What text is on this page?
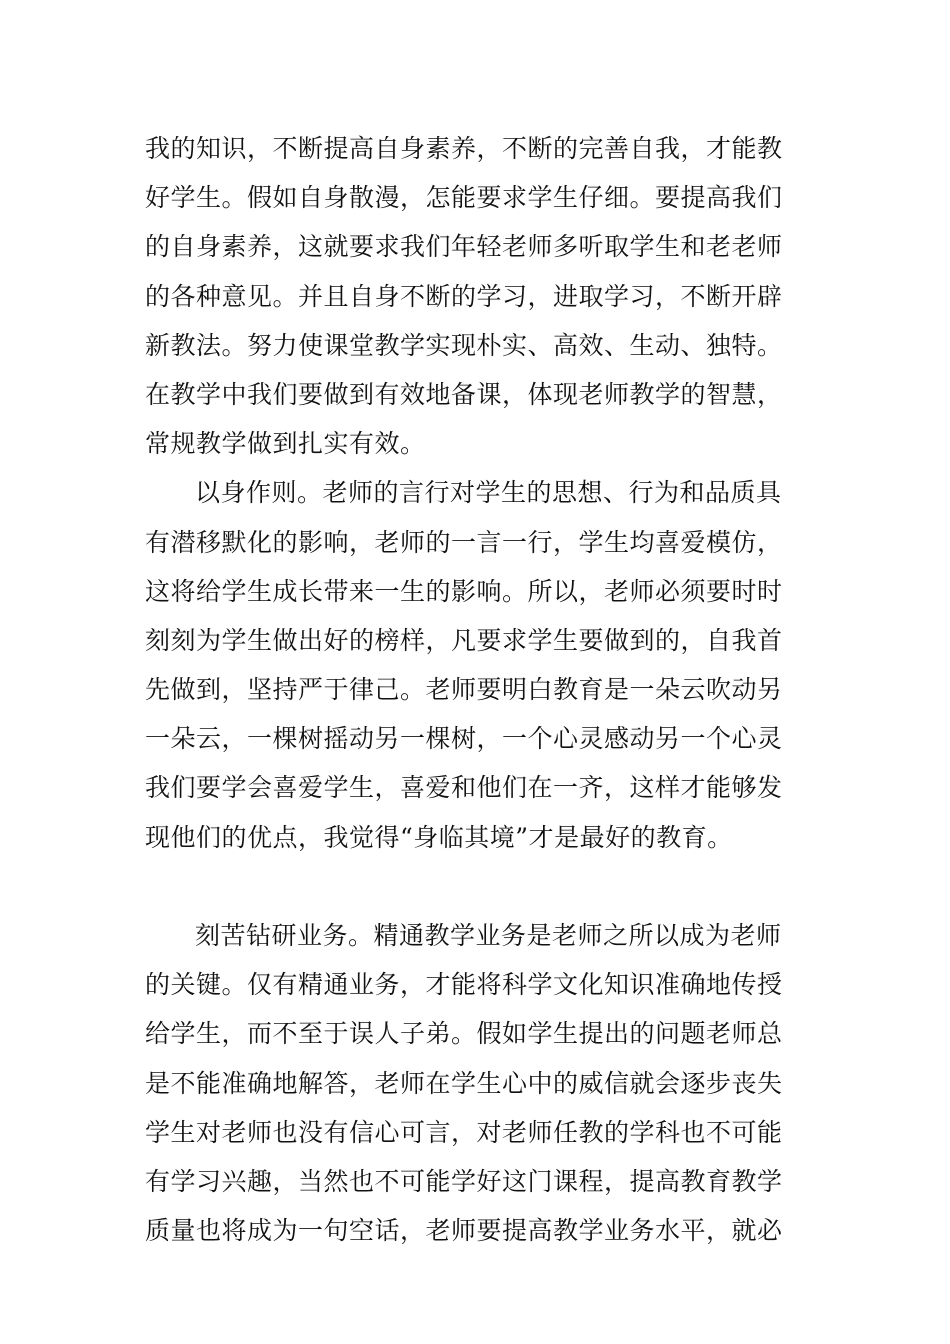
我的知识，不断提高自身素养，不断的完善自我，才能教
好学生。假如自身散漫，怎能要求学生仔细。要提高我们
的自身素养，这就要求我们年轻老师多听取学生和老老师
的各种意见。并且自身不断的学习，进取学习，不断开辟
新教法。努力使课堂教学实现朴实、高效、生动、独特。
在教学中我们要做到有效地备课，体现老师教学的智慧，
常规教学做到扎实有效。
以身作则。老师的言行对学生的思想、行为和品质具
有潜移默化的影响，老师的一言一行，学生均喜爱模仿，
这将给学生成长带来一生的影响。所以，老师必须要时时
刻刻为学生做出好的榜样，凡要求学生要做到的，自我首
先做到，坚持严于律己。老师要明白教育是一朵云吹动另
一朵云，一棵树摇动另一棵树，一个心灵感动另一个心灵
我们要学会喜爱学生，喜爱和他们在一齐，这样才能够发
现他们的优点，我觉得“身临其境”才是最好的教育。
刻苦钻研业务。精通教学业务是老师之所以成为老师
的关键。仅有精通业务，才能将科学文化知识准确地传授
给学生，而不至于误人子弟。假如学生提出的问题老师总
是不能准确地解答，老师在学生心中的威信就会逐步丧失
学生对老师也没有信心可言，对老师任教的学科也不可能
有学习兴趣，当然也不可能学好这门课程，提高教育教学
质量也将成为一句空话，老师要提高教学业务水平，就必
